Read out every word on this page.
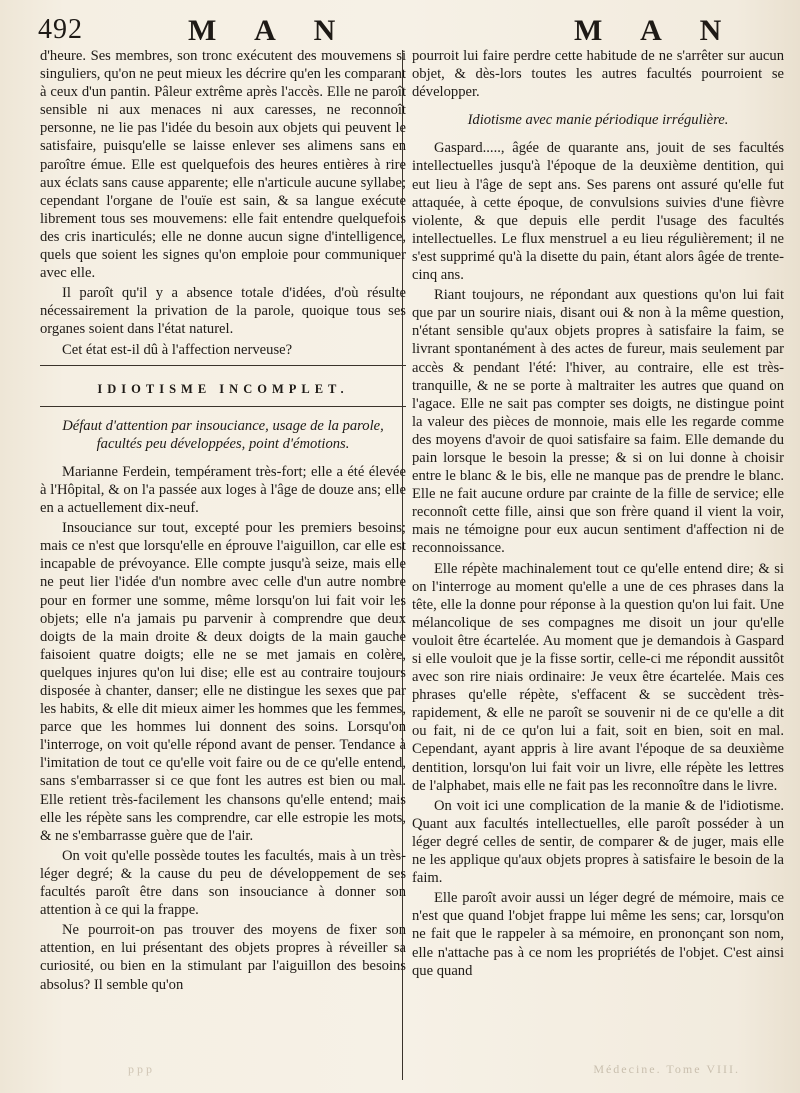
492	M A N	M A N

d'heure. Ses membres, son tronc exécutent des mouvemens si singuliers, qu'on ne peut mieux les décrire qu'en les comparant à ceux d'un pantin. Pâleur extrême après l'accès. Elle ne paroît sensible ni aux menaces ni aux caresses, ne reconnoît personne, ne lie pas l'idée du besoin aux objets qui peuvent le satisfaire, puisqu'elle se laisse enlever ses alimens sans en paroître émue. Elle est quelquefois des heures entières à rire aux éclats sans cause apparente; elle n'articule aucune syllabe; cependant l'organe de l'ouïe est sain, & sa langue exécute librement tous ses mouvemens: elle fait entendre quelquefois des cris inarticulés; elle ne donne aucun signe d'intelligence, quels que soient les signes qu'on emploie pour communiquer avec elle.

Il paroît qu'il y a absence totale d'idées, d'où résulte nécessairement la privation de la parole, quoique tous ses organes soient dans l'état naturel.

Cet état est-il dû à l'affection nerveuse?

IDIOTISME INCOMPLET.
Défaut d'attention par insouciance, usage de la parole, facultés peu développées, point d'émotions.

Marianne Ferdein, tempérament très-fort; elle a été élevée à l'Hôpital, & on l'a passée aux loges à l'âge de douze ans; elle en a actuellement dix-neuf.

Insouciance sur tout, excepté pour les premiers besoins; mais ce n'est que lorsqu'elle en éprouve l'aiguillon, car elle est incapable de prévoyance. Elle compte jusqu'à seize, mais elle ne peut lier l'idée d'un nombre avec celle d'un autre nombre pour en former une somme, même lorsqu'on lui fait voir les objets; elle n'a jamais pu parvenir à comprendre que deux doigts de la main droite & deux doigts de la main gauche faisoient quatre doigts; elle ne se met jamais en colère, quelques injures qu'on lui dise; elle est au contraire toujours disposée à chanter, danser; elle ne distingue les sexes que par les habits, & elle dit mieux aimer les hommes que les femmes, parce que les hommes lui donnent des soins. Lorsqu'on l'interroge, on voit qu'elle répond avant de penser. Tendance à l'imitation de tout ce qu'elle voit faire ou de ce qu'elle entend, sans s'embarrasser si ce que font les autres est bien ou mal. Elle retient très-facilement les chansons qu'elle entend; mais elle les répète sans les comprendre, car elle estropie les mots, & ne s'embarrasse guère que de l'air.

On voit qu'elle possède toutes les facultés, mais à un très-léger degré; & la cause du peu de développement de ses facultés paroît être dans son insouciance à donner son attention à ce qui la frappe.

Ne pourroit-on pas trouver des moyens de fixer son attention, en lui présentant des objets propres à réveiller sa curiosité, ou bien en la stimulant par l'aiguillon des besoins absolus? Il semble qu'on

pourroit lui faire perdre cette habitude de ne s'arrêter sur aucun objet, & dès-lors toutes les autres facultés pourroient se développer.

Idiotisme avec manie périodique irrégulière.

Gaspard....., âgée de quarante ans, jouit de ses facultés intellectuelles jusqu'à l'époque de la deuxième dentition, qui eut lieu à l'âge de sept ans. Ses parens ont assuré qu'elle fut attaquée, à cette époque, de convulsions suivies d'une fièvre violente, & que depuis elle perdit l'usage des facultés intellectuelles. Le flux menstruel a eu lieu régulièrement; il ne s'est supprimé qu'à la disette du pain, étant alors âgée de trente-cinq ans.

Riant toujours, ne répondant aux questions qu'on lui fait que par un sourire niais, disant oui & non à la même question, n'étant sensible qu'aux objets propres à satisfaire la faim, se livrant spontanément à des actes de fureur, mais seulement par accès & pendant l'été: l'hiver, au contraire, elle est très-tranquille, & ne se porte à maltraiter les autres que quand on l'agace. Elle ne sait pas compter ses doigts, ne distingue point la valeur des pièces de monnoie, mais elle les regarde comme des moyens d'avoir de quoi satisfaire sa faim. Elle demande du pain lorsque le besoin la presse; & si on lui donne à choisir entre le blanc & le bis, elle ne manque pas de prendre le blanc. Elle ne fait aucune ordure par crainte de la fille de service; elle reconnoît cette fille, ainsi que son frère quand il vient la voir, mais ne témoigne pour eux aucun sentiment d'affection ni de reconnoissance.

Elle répète machinalement tout ce qu'elle entend dire; & si on l'interroge au moment qu'elle a une de ces phrases dans la tête, elle la donne pour réponse à la question qu'on lui fait. Une mélancolique de ses compagnes me disoit un jour qu'elle vouloit être écartelée. Au moment que je demandois à Gaspard si elle vouloit que je la fisse sortir, celle-ci me répondit aussitôt avec son rire niais ordinaire: Je veux être écartelée. Mais ces phrases qu'elle répète, s'effacent & se succèdent très-rapidement, & elle ne paroît se souvenir ni de ce qu'elle a dit ou fait, ni de ce qu'on lui a fait, soit en bien, soit en mal. Cependant, ayant appris à lire avant l'époque de sa deuxième dentition, lorsqu'on lui fait voir un livre, elle répète les lettres de l'alphabet, mais elle ne fait pas les reconnoître dans le livre.

On voit ici une complication de la manie & de l'idiotisme. Quant aux facultés intellectuelles, elle paroît posséder à un léger degré celles de sentir, de comparer & de juger, mais elle ne les applique qu'aux objets propres à satisfaire le besoin de la faim.

Elle paroît avoir aussi un léger degré de mémoire, mais ce n'est que quand l'objet frappe lui même les sens; car, lorsqu'on ne fait que le rappeler à sa mémoire, en prononçant son nom, elle n'attache pas à ce nom les propriétés de l'objet. C'est ainsi que quand

ppp	Médecine. Tome VIII.
